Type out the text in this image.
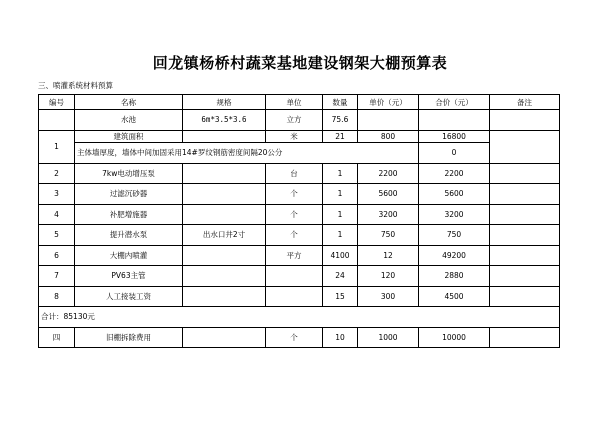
回龙镇杨桥村蔬菜基地建设钢架大棚预算表
三、喷灌系统材料预算
编号	名称	规格	单位	数量	单价（元）	合价（元）	备注
	水池	6m*3.5*3.6	立方	75.6			
1	建筑面积		米	21	800	16800	
	主体墙厚度，墙体中间加固采用14#罗纹钢筋密度间隔20公分					0	
2	7kw电动增压泵		台	1	2200	2200	
3	过滤沉砂器		个	1	5600	5600	
4	补肥增施器		个	1	3200	3200	
5	提升潜水泵	出水口井2寸	个	1	750	750	
6	大棚内喷灌		平方	4100	12	49200	
7	PV63主管			24	120	2880	
8	人工接装工资			15	300	4500	
合计：85130元							
四	旧棚拆除费用		个	10	1000	10000	
